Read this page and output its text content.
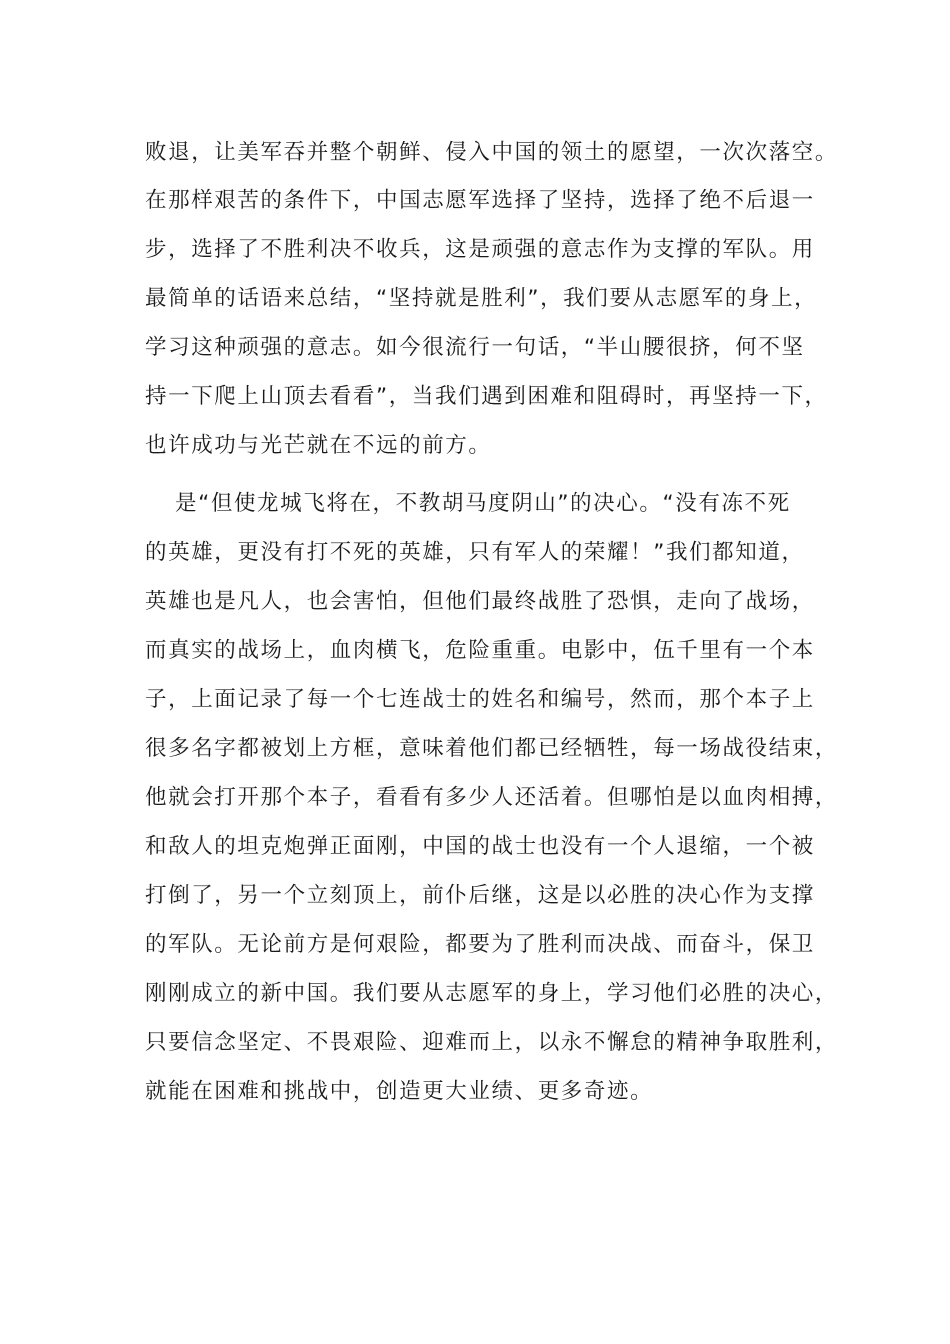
败退，让美军吞并整个朝鲜、侵入中国的领土的愿望，一次次落空。
在那样艰苦的条件下，中国志愿军选择了坚持，选择了绝不后退一
步，选择了不胜利决不收兵，这是顽强的意志作为支撑的军队。用
最简单的话语来总结，“坚持就是胜利”，我们要从志愿军的身上，
学习这种顽强的意志。如今很流行一句话，“半山腰很挤，何不坚
持一下爬上山顶去看看”，当我们遇到困难和阻碍时，再坚持一下，
也许成功与光芒就在不远的前方。
是“但使龙城飞将在，不教胡马度阴山”的决心。“没有冻不死
的英雄，更没有打不死的英雄，只有军人的荣耀！”我们都知道，
英雄也是凡人，也会害怕，但他们最终战胜了恐惧，走向了战场，
而真实的战场上，血肉横飞，危险重重。电影中，伍千里有一个本
子，上面记录了每一个七连战士的姓名和编号，然而，那个本子上
很多名字都被划上方框，意味着他们都已经牺牲，每一场战役结束，
他就会打开那个本子，看看有多少人还活着。但哪怕是以血肉相搏，
和敌人的坦克炮弹正面刚，中国的战士也没有一个人退缩，一个被
打倒了，另一个立刻顶上，前仆后继，这是以必胜的决心作为支撑
的军队。无论前方是何艰险，都要为了胜利而决战、而奋斗，保卫
刚刚成立的新中国。我们要从志愿军的身上，学习他们必胜的决心，
只要信念坚定、不畏艰险、迎难而上，以永不懈怠的精神争取胜利，
就能在困难和挑战中，创造更大业绩、更多奇迹。
